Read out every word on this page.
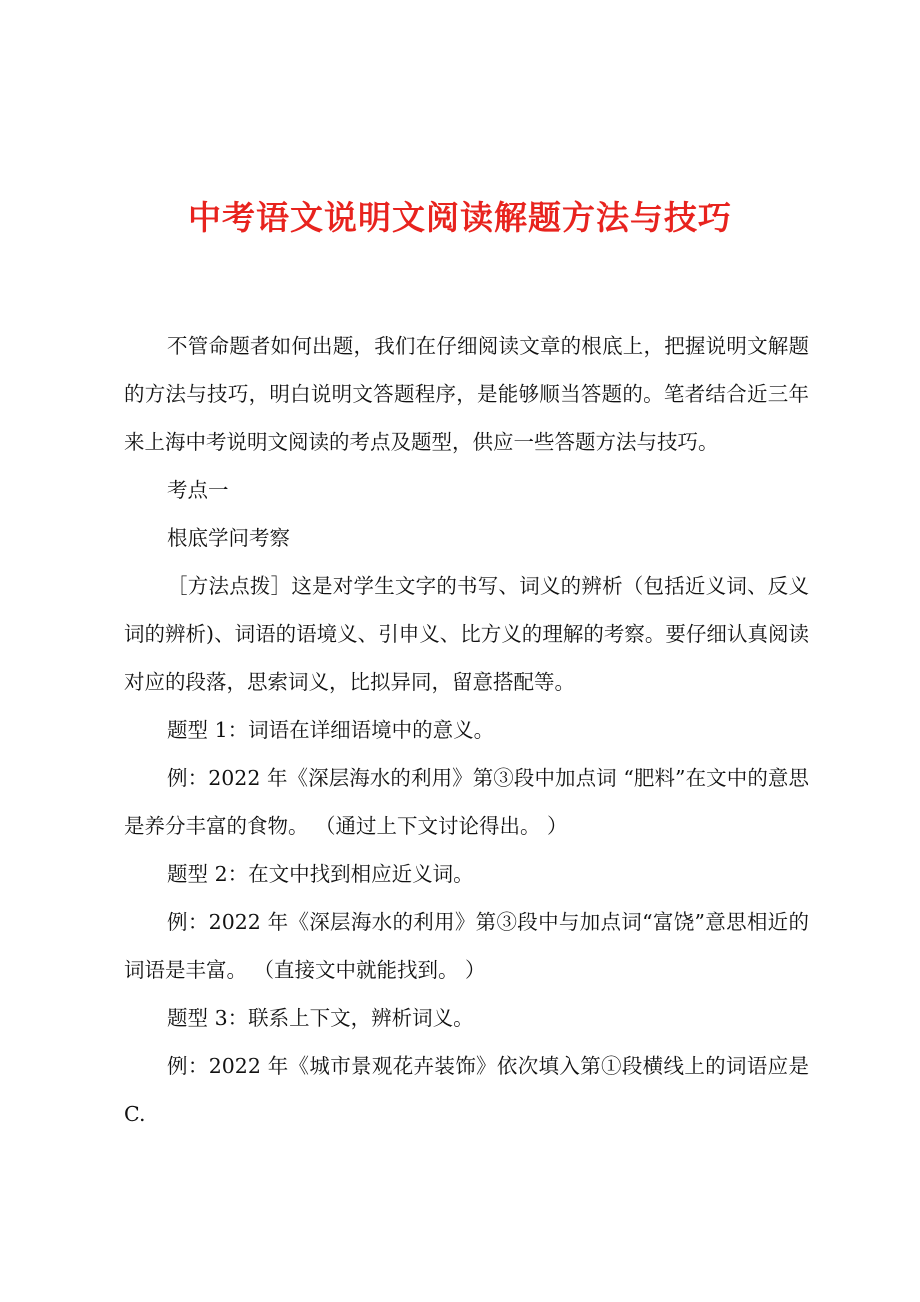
中考语文说明文阅读解题方法与技巧

不管命题者如何出题，我们在仔细阅读文章的根底上，把握说明文解题的方法与技巧，明白说明文答题程序，是能够顺当答题的。笔者结合近三年来上海中考说明文阅读的考点及题型，供应一些答题方法与技巧。

考点一

根底学问考察

［方法点拨］这是对学生文字的书写、词义的辨析（包括近义词、反义词的辨析)、词语的语境义、引申义、比方义的理解的考察。要仔细认真阅读对应的段落，思索词义，比拟异同，留意搭配等。

题型 1：词语在详细语境中的意义。

例：2022 年《深层海水的利用》第③段中加点词 “肥料”在文中的意思是养分丰富的食物。 （通过上下文讨论得出。 ）

题型 2：在文中找到相应近义词。

例：2022 年《深层海水的利用》第③段中与加点词“富饶”意思相近的词语是丰富。 （直接文中就能找到。 ）

题型 3：联系上下文，辨析词义。

例：2022 年《城市景观花卉装饰》依次填入第①段横线上的词语应是C.
